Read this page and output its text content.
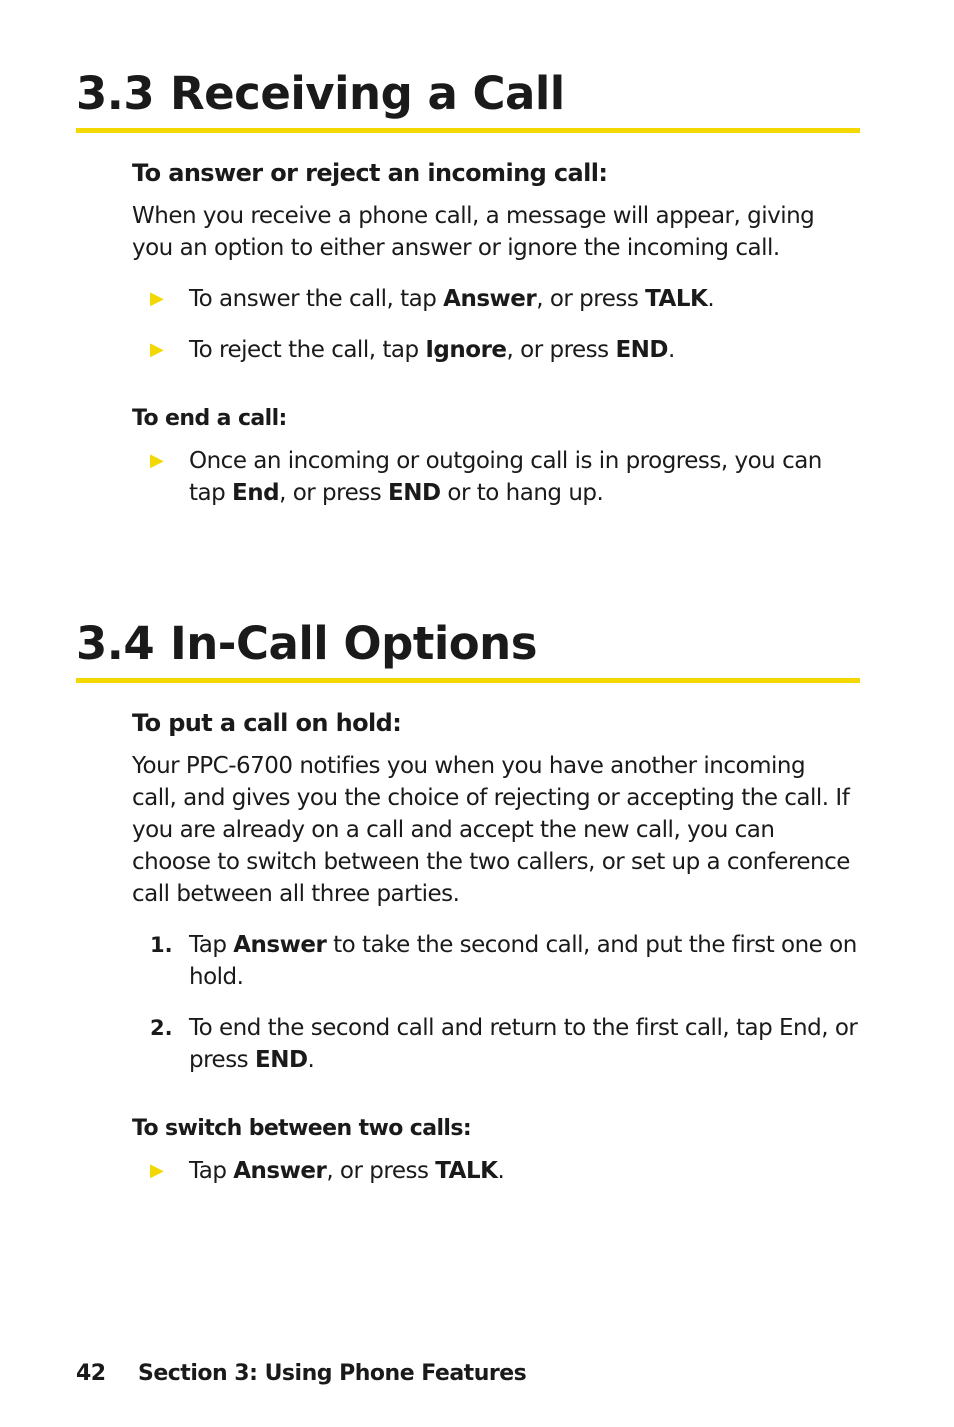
3.3 Receiving a Call
To answer or reject an incoming call:
When you receive a phone call, a message will appear, giving you an option to either answer or ignore the incoming call.
▶ To answer the call, tap Answer, or press TALK.
▶ To reject the call, tap Ignore, or press END.
To end a call:
▶ Once an incoming or outgoing call is in progress, you can tap End, or press END or to hang up.
3.4 In-Call Options
To put a call on hold:
Your PPC-6700 notifies you when you have another incoming call, and gives you the choice of rejecting or accepting the call. If you are already on a call and accept the new call, you can choose to switch between the two callers, or set up a conference call between all three parties.
1. Tap Answer to take the second call, and put the first one on hold.
2. To end the second call and return to the first call, tap End, or press END.
To switch between two calls:
▶ Tap Answer, or press TALK.
42 Section 3: Using Phone Features
